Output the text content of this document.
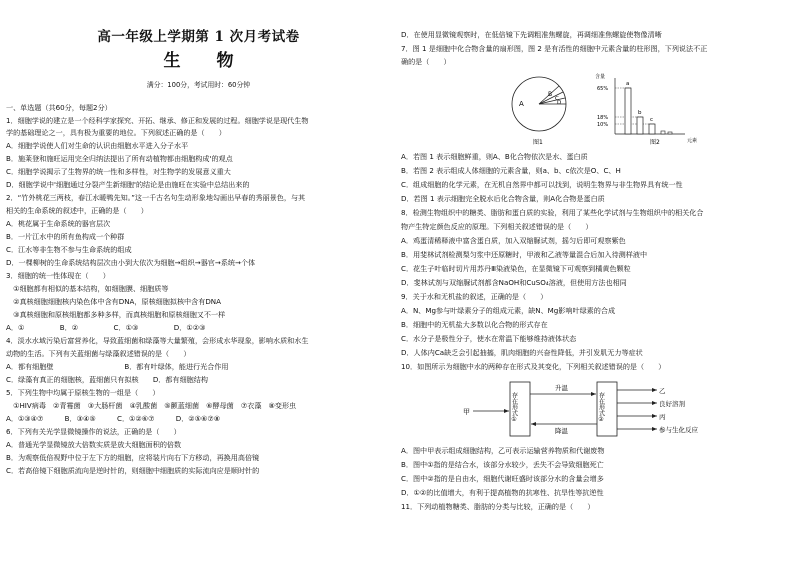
高一年级上学期第 1 次月考试卷
生 物
满分：100分，考试用时：60分钟
一、单选题（共60分，每题2分）
1．细胞学说的建立是一个经科学家探究、开拓、继承、修正和发展的过程。细胞学说是现代生物
学的基础理论之一，具有极为重要的地位。下列叙述正确的是（　　）
A．细胞学说使人们对生命的认识由细胞水平进入分子水平
B．施莱登和施旺运用完全归纳法提出了所有动植物都由细胞构成'的观点
C．细胞学说揭示了生物界的统一性和多样性，对生物学的发展意义重大
D．细胞学说中'细胞通过分裂产生新细胞'的结论是由施旺在实验中总结出来的
2．“竹外桃花三两枝，春江水暖鸭先知。”这一千古名句生动形象地勾画出早春的秀丽景色，与其
相关的生命系统的叙述中，正确的是（　　）
A．桃花属于生命系统的器官层次
B．一片江水中的所有鱼构成一个种群
C．江水等非生物不参与生命系统的组成
D．一棵柳树的生命系统结构层次由小到大依次为细胞→组织→器官→系统→个体
3．细胞的统一性体现在（　　）
　①细胞都有相似的基本结构，如细胞膜、细胞质等
　②真核细胞细胞核内染色体中含有DNA，原核细胞拟核中含有DNA
　③真核细胞和原核细胞都多种多样，而真核细胞和原核细胞又不一样
A．①　　　　　B．②　　　　　C．①③　　　　　D．①②③
4．淡水水域污染后富营养化，导致蓝细菌和绿藻等大量繁殖，会形成水华现象，影响水质和水生
动物的生活。下列有关蓝细菌与绿藻叙述错误的是（　　）
A．都有细胞壁　　　　　　　　　　B．都有叶绿体，能进行光合作用
C．绿藻有真正的细胞核，蓝细菌只有拟核　　D．都有细胞结构
5．下列生物中均属于原核生物的一组是（　　）
　①HIV病毒　②青霉菌　③大肠杆菌　④乳酸菌　⑤颤蓝细菌　⑥酵母菌　⑦衣藻　⑧变形虫
A．①③④⑦　　　B．③④⑤　　　C．①②⑥⑦　　　D．②⑤⑥⑦⑧
6．下列有关光学显微镜操作的说法，正确的是（　　）
A．普通光学显微镜放大倍数实质是放大细胞面积的倍数
B．为观察低倍视野中位于左下方的细胞，应将装片向右下方移动，再换用高倍镜
C．若高倍镜下细胞质流向是逆时针的，则细胞中细胞质的实际流向应是顺时针的
D．在使用显微镜观察时，在低倍镜下先调粗准焦螺旋，再调细准焦螺旋使物像清晰
7．图 1 是细胞中化合物含量的扇形图，图 2 是有活性的细胞中元素含量的柱形图，下列说法不正
确的是（　　）
A
B
C
D
图1
含量
65%
18%
10%
a
b
c
元素
图2
A．若图 1 表示细胞鲜重，则A、B化合物依次是水、蛋白质
B．若图 2 表示组成人体细胞的元素含量，则a、b、c依次是O、C、H
C．组成细胞的化学元素，在无机自然界中都可以找到，说明生物界与非生物界具有统一性
D．若图 1 表示细胞完全脱水后化合物含量，则A化合物是蛋白质
8．检测生物组织中的糖类、脂肪和蛋白质的实验，利用了某些化学试剂与生物组织中的相关化合
物产生特定颜色反应的原理。下列相关叙述错误的是（　　）
A．鸡蛋清稀释液中富含蛋白质，加入双缩脲试剂，摇匀后即可观察紫色
B．用斐林试剂检测梨匀浆中还原糖时，甲液和乙液等量混合后加入待测样液中
C．花生子叶临时切片用苏丹Ⅲ染液染色，在显微镜下可观察到橘黄色颗粒
D．斐林试剂与双缩脲试剂都含NaOH和CuSO₄溶液，但使用方法也相同
9．关于水和无机盐的叙述，正确的是（　　）
A．N、Mg参与叶绿素分子的组成元素，缺N、Mg影响叶绿素的合成
B．细胞中的无机盐大多数以化合物的形式存在
C．水分子是极性分子，使水在常温下能够维持液体状态
D．人体内Ca缺乏会引起抽搐，肌肉细胞的兴奋性降低，并引发肌无力等症状
10．如图所示为细胞中水的两种存在形式及其变化，下列相关叙述错误的是（　　）
甲	存在形式①	存在形式②
升温
降温
乙
良好溶剂
丙
参与生化反应
A．图中甲表示组成细胞结构，乙可表示运输营养物质和代谢废物
B．图中①指的是结合水，该部分水较少，丢失不会导致细胞死亡
C．图中②指的是自由水，细胞代谢旺盛时该部分水的含量会增多
D．①②的比值增大，有利于提高植物的抗寒性、抗旱性等抗逆性
11．下列动植物糖类、脂肪的分类与比较，正确的是（　　）
